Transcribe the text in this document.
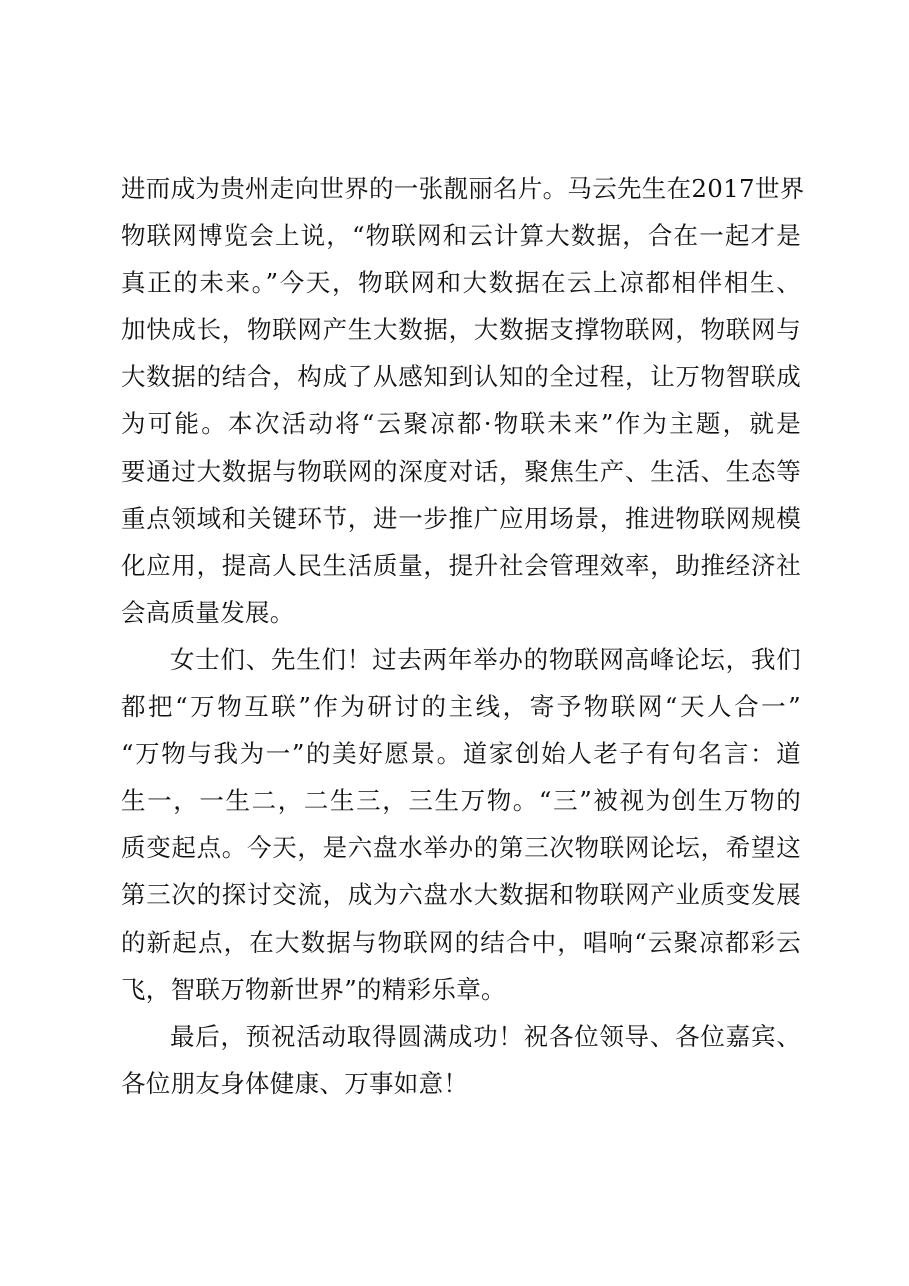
进而成为贵州走向世界的一张靓丽名片。马云先生在2017世界
物联网博览会上说，“物联网和云计算大数据，合在一起才是
真正的未来。”今天，物联网和大数据在云上凉都相伴相生、
加快成长，物联网产生大数据，大数据支撑物联网，物联网与
大数据的结合，构成了从感知到认知的全过程，让万物智联成
为可能。本次活动将“云聚凉都·物联未来”作为主题，就是
要通过大数据与物联网的深度对话，聚焦生产、生活、生态等
重点领域和关键环节，进一步推广应用场景，推进物联网规模
化应用，提高人民生活质量，提升社会管理效率，助推经济社
会高质量发展。
女士们、先生们！过去两年举办的物联网高峰论坛，我们
都把“万物互联”作为研讨的主线，寄予物联网“天人合一”
“万物与我为一”的美好愿景。道家创始人老子有句名言：道
生一，一生二，二生三，三生万物。“三”被视为创生万物的
质变起点。今天，是六盘水举办的第三次物联网论坛，希望这
第三次的探讨交流，成为六盘水大数据和物联网产业质变发展
的新起点，在大数据与物联网的结合中，唱响“云聚凉都彩云
飞，智联万物新世界”的精彩乐章。
最后，预祝活动取得圆满成功！祝各位领导、各位嘉宾、
各位朋友身体健康、万事如意！
